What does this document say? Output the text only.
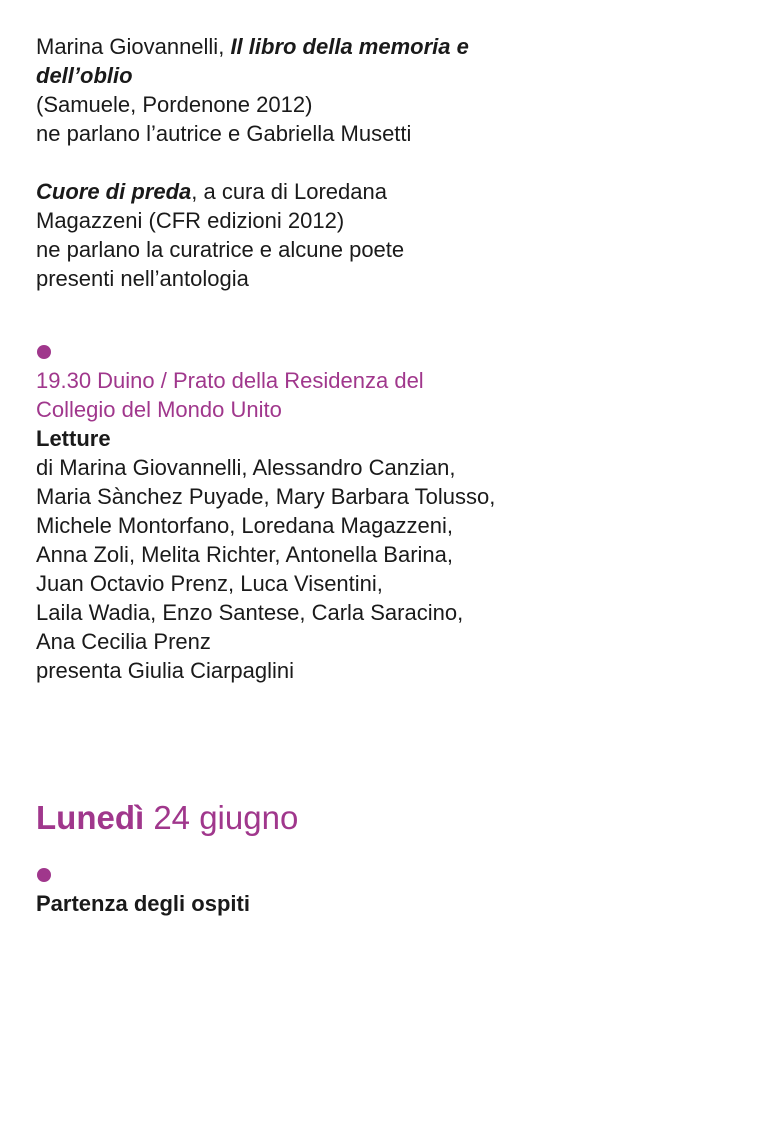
Marina Giovannelli, Il libro della memoria e
dell’oblio
(Samuele, Pordenone 2012)
ne parlano l’autrice e Gabriella Musetti
Cuore di preda, a cura di Loredana
Magazzeni (CFR edizioni 2012)
ne parlano la curatrice e alcune poete
presenti nell’antologia
19.30 Duino / Prato della Residenza del
Collegio del Mondo Unito
Letture
di Marina Giovannelli, Alessandro Canzian,
Maria Sànchez Puyade, Mary Barbara Tolusso,
Michele Montorfano, Loredana Magazzeni,
Anna Zoli, Melita Richter, Antonella Barina,
Juan Octavio Prenz, Luca Visentini,
Laila Wadia, Enzo Santese, Carla Saracino,
Ana Cecilia Prenz
presenta Giulia Ciarpaglini
Lunedì 24 giugno
Partenza degli ospiti
